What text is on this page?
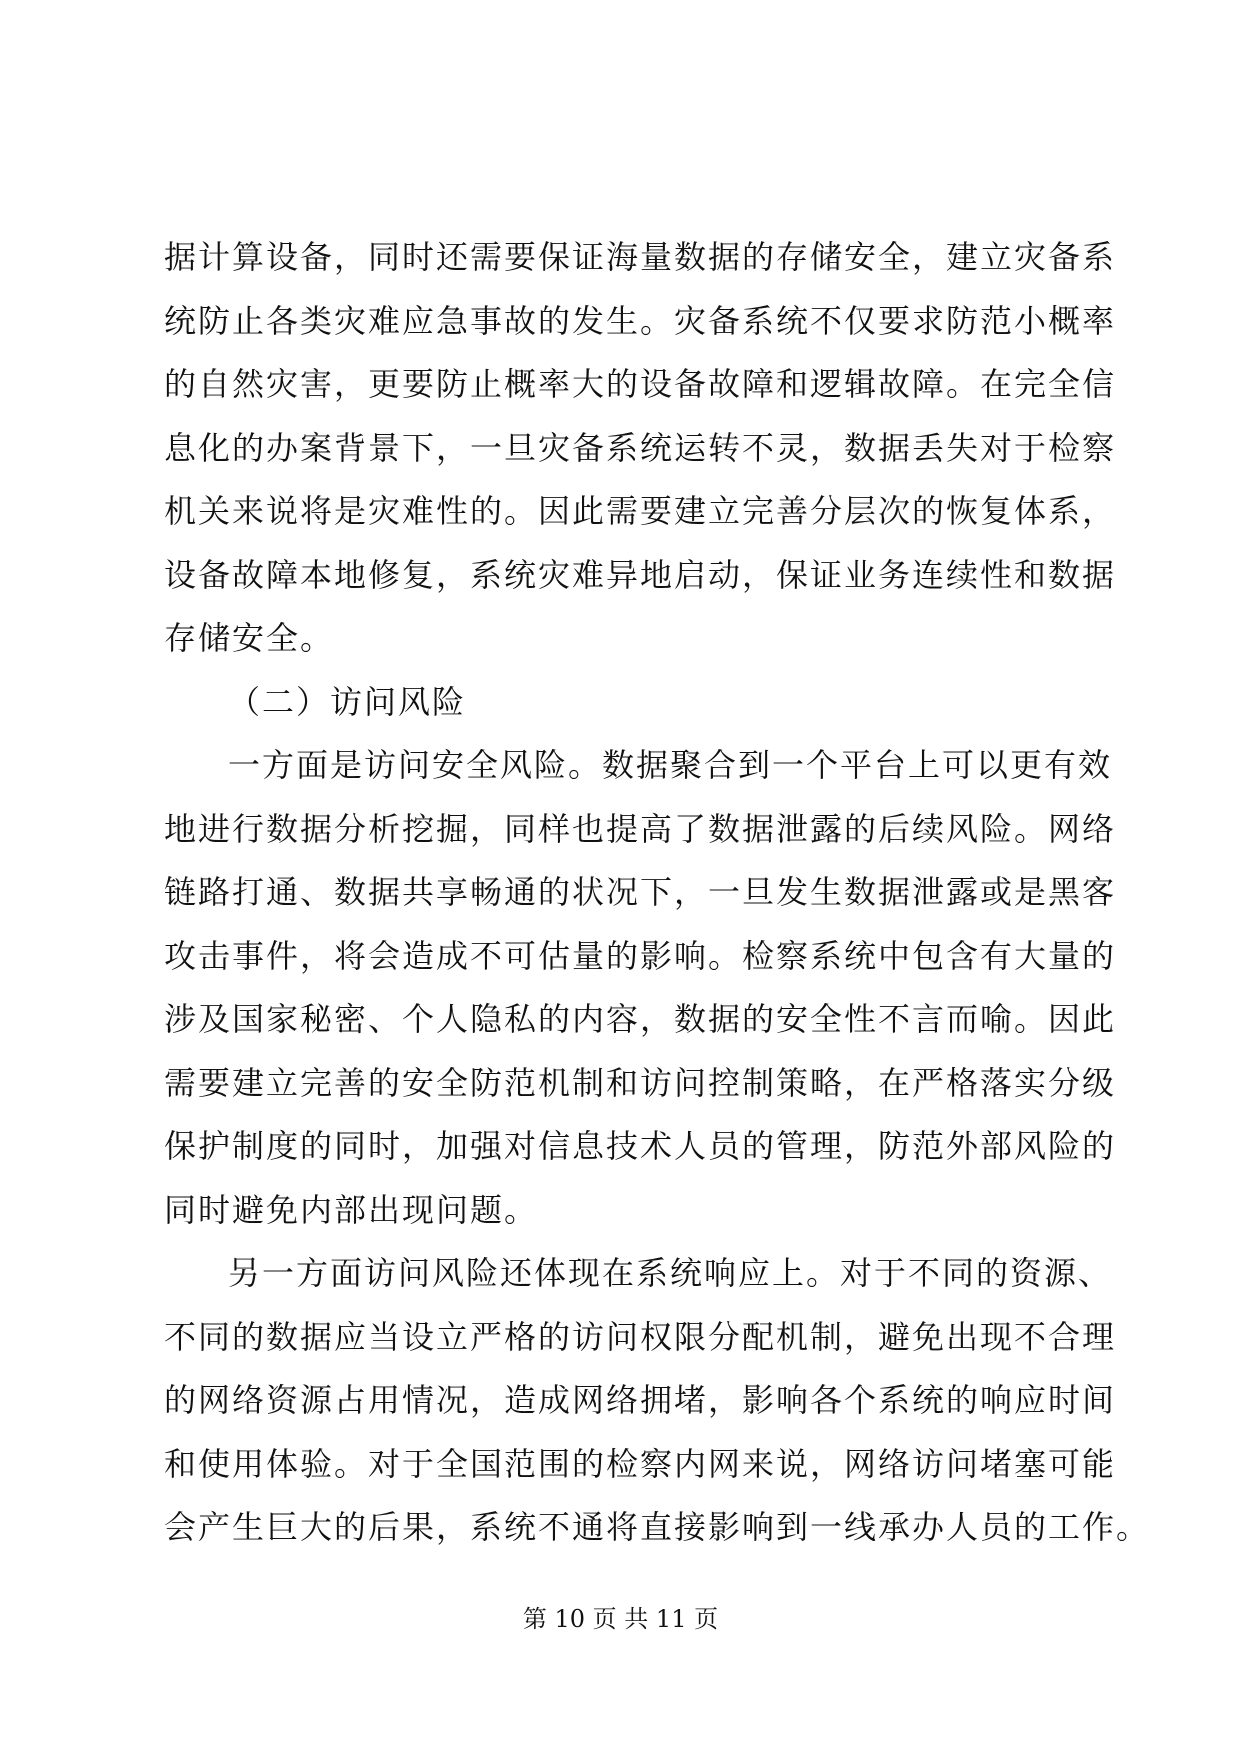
据计算设备，同时还需要保证海量数据的存储安全，建立灾备系
统防止各类灾难应急事故的发生。灾备系统不仅要求防范小概率
的自然灾害，更要防止概率大的设备故障和逻辑故障。在完全信
息化的办案背景下，一旦灾备系统运转不灵，数据丢失对于检察
机关来说将是灾难性的。因此需要建立完善分层次的恢复体系，
设备故障本地修复，系统灾难异地启动，保证业务连续性和数据
存储安全。
（二）访问风险
一方面是访问安全风险。数据聚合到一个平台上可以更有效
地进行数据分析挖掘，同样也提高了数据泄露的后续风险。网络
链路打通、数据共享畅通的状况下，一旦发生数据泄露或是黑客
攻击事件，将会造成不可估量的影响。检察系统中包含有大量的
涉及国家秘密、个人隐私的内容，数据的安全性不言而喻。因此
需要建立完善的安全防范机制和访问控制策略，在严格落实分级
保护制度的同时，加强对信息技术人员的管理，防范外部风险的
同时避免内部出现问题。
另一方面访问风险还体现在系统响应上。对于不同的资源、
不同的数据应当设立严格的访问权限分配机制，避免出现不合理
的网络资源占用情况，造成网络拥堵，影响各个系统的响应时间
和使用体验。对于全国范围的检察内网来说，网络访问堵塞可能
会产生巨大的后果，系统不通将直接影响到一线承办人员的工作。
第 10 页 共 11 页
